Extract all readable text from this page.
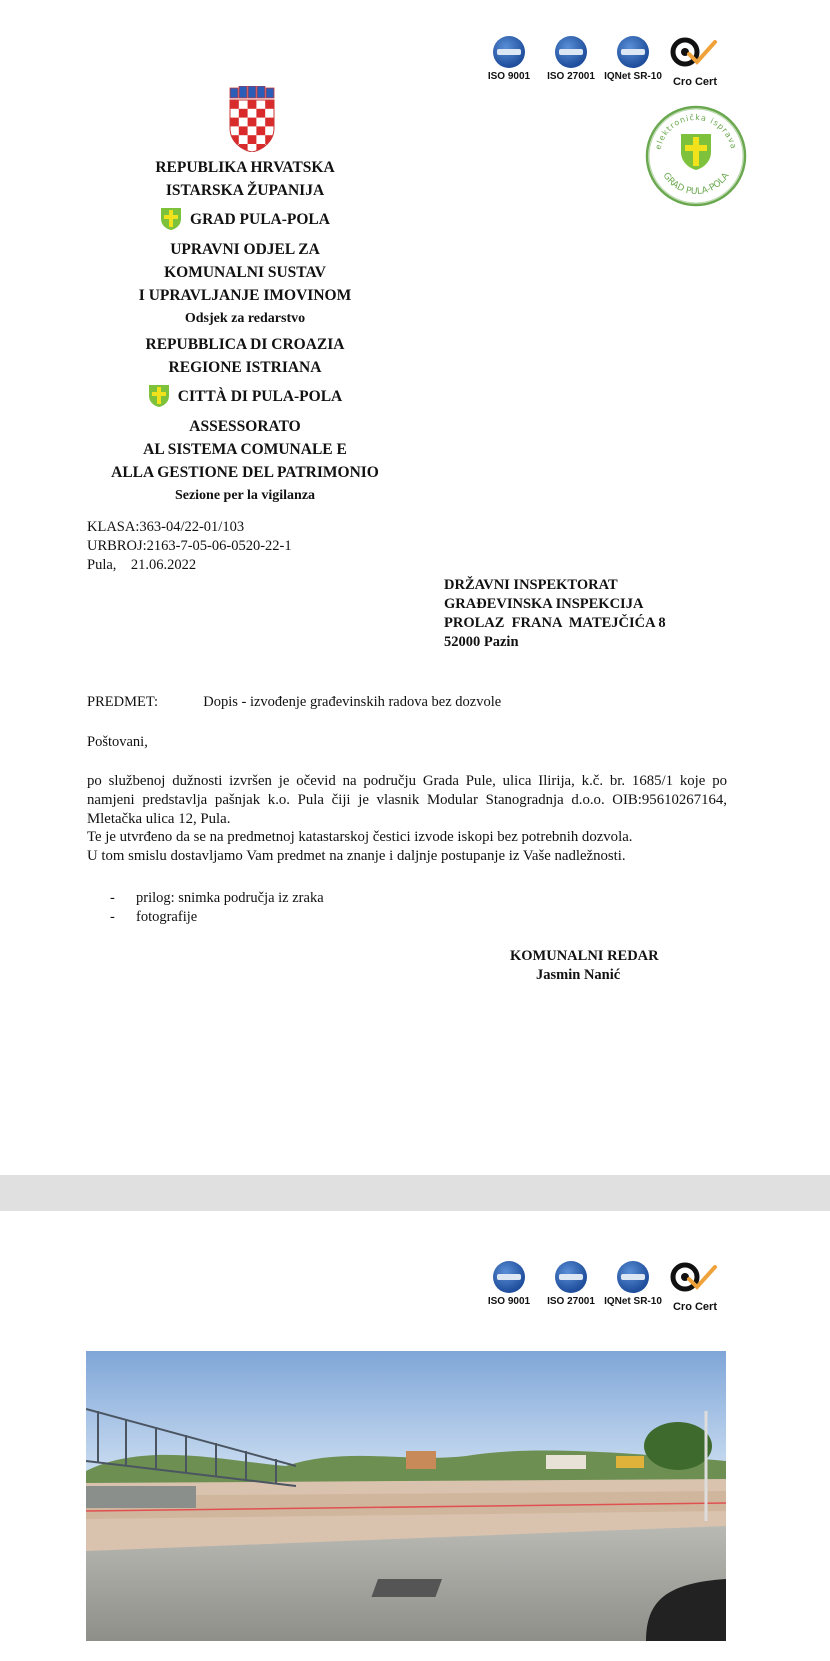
ISO 9001	ISO 27001 IQNet SR-10	Cro Cert
REPUBLIKA HRVATSKA
ISTARSKA ŽUPANIJA
GRAD PULA-POLA
UPRAVNI ODJEL ZA
KOMUNALNI SUSTAV
I UPRAVLJANJE IMOVINOM
Odsjek za redarstvo
REPUBBLICA DI CROAZIA
REGIONE ISTRIANA
CITTÀ DI PULA-POLA
ASSESSORATO
AL SISTEMA COMUNALE E
ALLA GESTIONE DEL PATRIMONIO
Sezione per la vigilanza
elektronička isprava
GRAD PULA-POLA
KLASA:363-04/22-01/103
URBROJ:2163-7-05-06-0520-22-1
Pula,    21.06.2022
DRŽAVNI INSPEKTORAT
GRAĐEVINSKA INSPEKCIJA
PROLAZ  FRANA  MATEJČIĆA 8
52000 Pazin
PREDMET:	Dopis - izvođenje građevinskih radova bez dozvole
Poštovani,
po službenoj dužnosti izvršen je očevid na području Grada Pule, ulica Ilirija, k.č. br. 1685/1 koje po namjeni predstavlja pašnjak k.o. Pula čiji je vlasnik Modular Stanogradnja d.o.o. OIB:95610267164, Mletačka ulica 12, Pula.
Te je utvrđeno da se na predmetnoj katastarskoj čestici izvode iskopi bez potrebnih dozvola.
U tom smislu dostavljamo Vam predmet na znanje i daljnje postupanje iz Vaše nadležnosti.
- prilog: snimka područja iz zraka
- fotografije
KOMUNALNI REDAR
Jasmin Nanić
ISO 9001	ISO 27001 IQNet SR-10	Cro Cert
